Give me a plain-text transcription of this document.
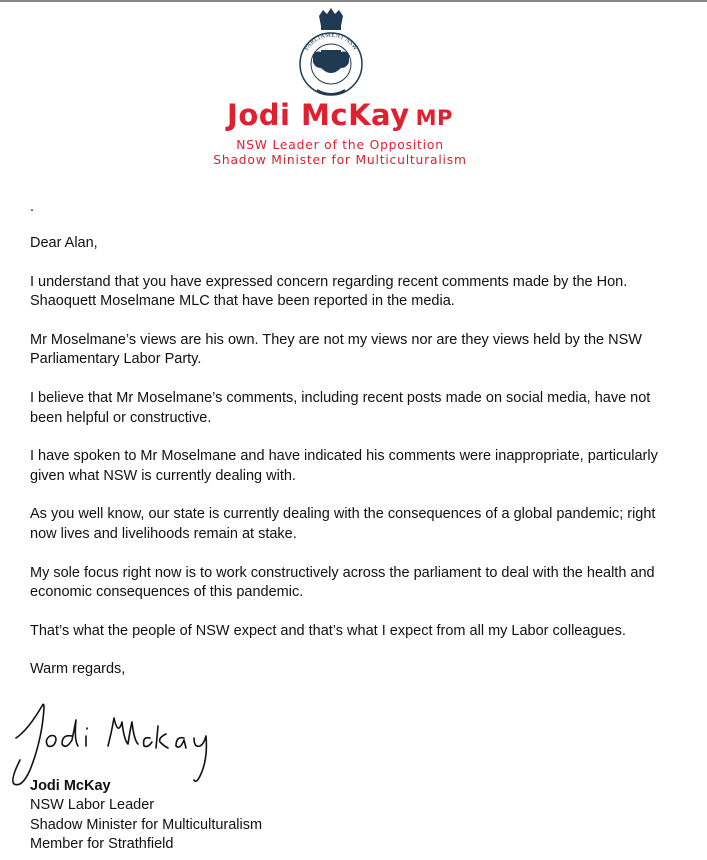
PARLIAMENT NSW
Jodi McKay MP
NSW Leader of the Opposition
Shadow Minister for Multiculturalism

.

Dear Alan,

I understand that you have expressed concern regarding recent comments made by the Hon. Shaoquett Moselmane MLC that have been reported in the media.

Mr Moselmane’s views are his own. They are not my views nor are they views held by the NSW Parliamentary Labor Party.

I believe that Mr Moselmane’s comments, including recent posts made on social media, have not been helpful or constructive.

I have spoken to Mr Moselmane and have indicated his comments were inappropriate, particularly given what NSW is currently dealing with.

As you well know, our state is currently dealing with the consequences of a global pandemic; right now lives and livelihoods remain at stake.

My sole focus right now is to work constructively across the parliament to deal with the health and economic consequences of this pandemic.

That’s what the people of NSW expect and that’s what I expect from all my Labor colleagues.

Warm regards,

Jodi McKay
NSW Labor Leader
Shadow Minister for Multiculturalism
Member for Strathfield
